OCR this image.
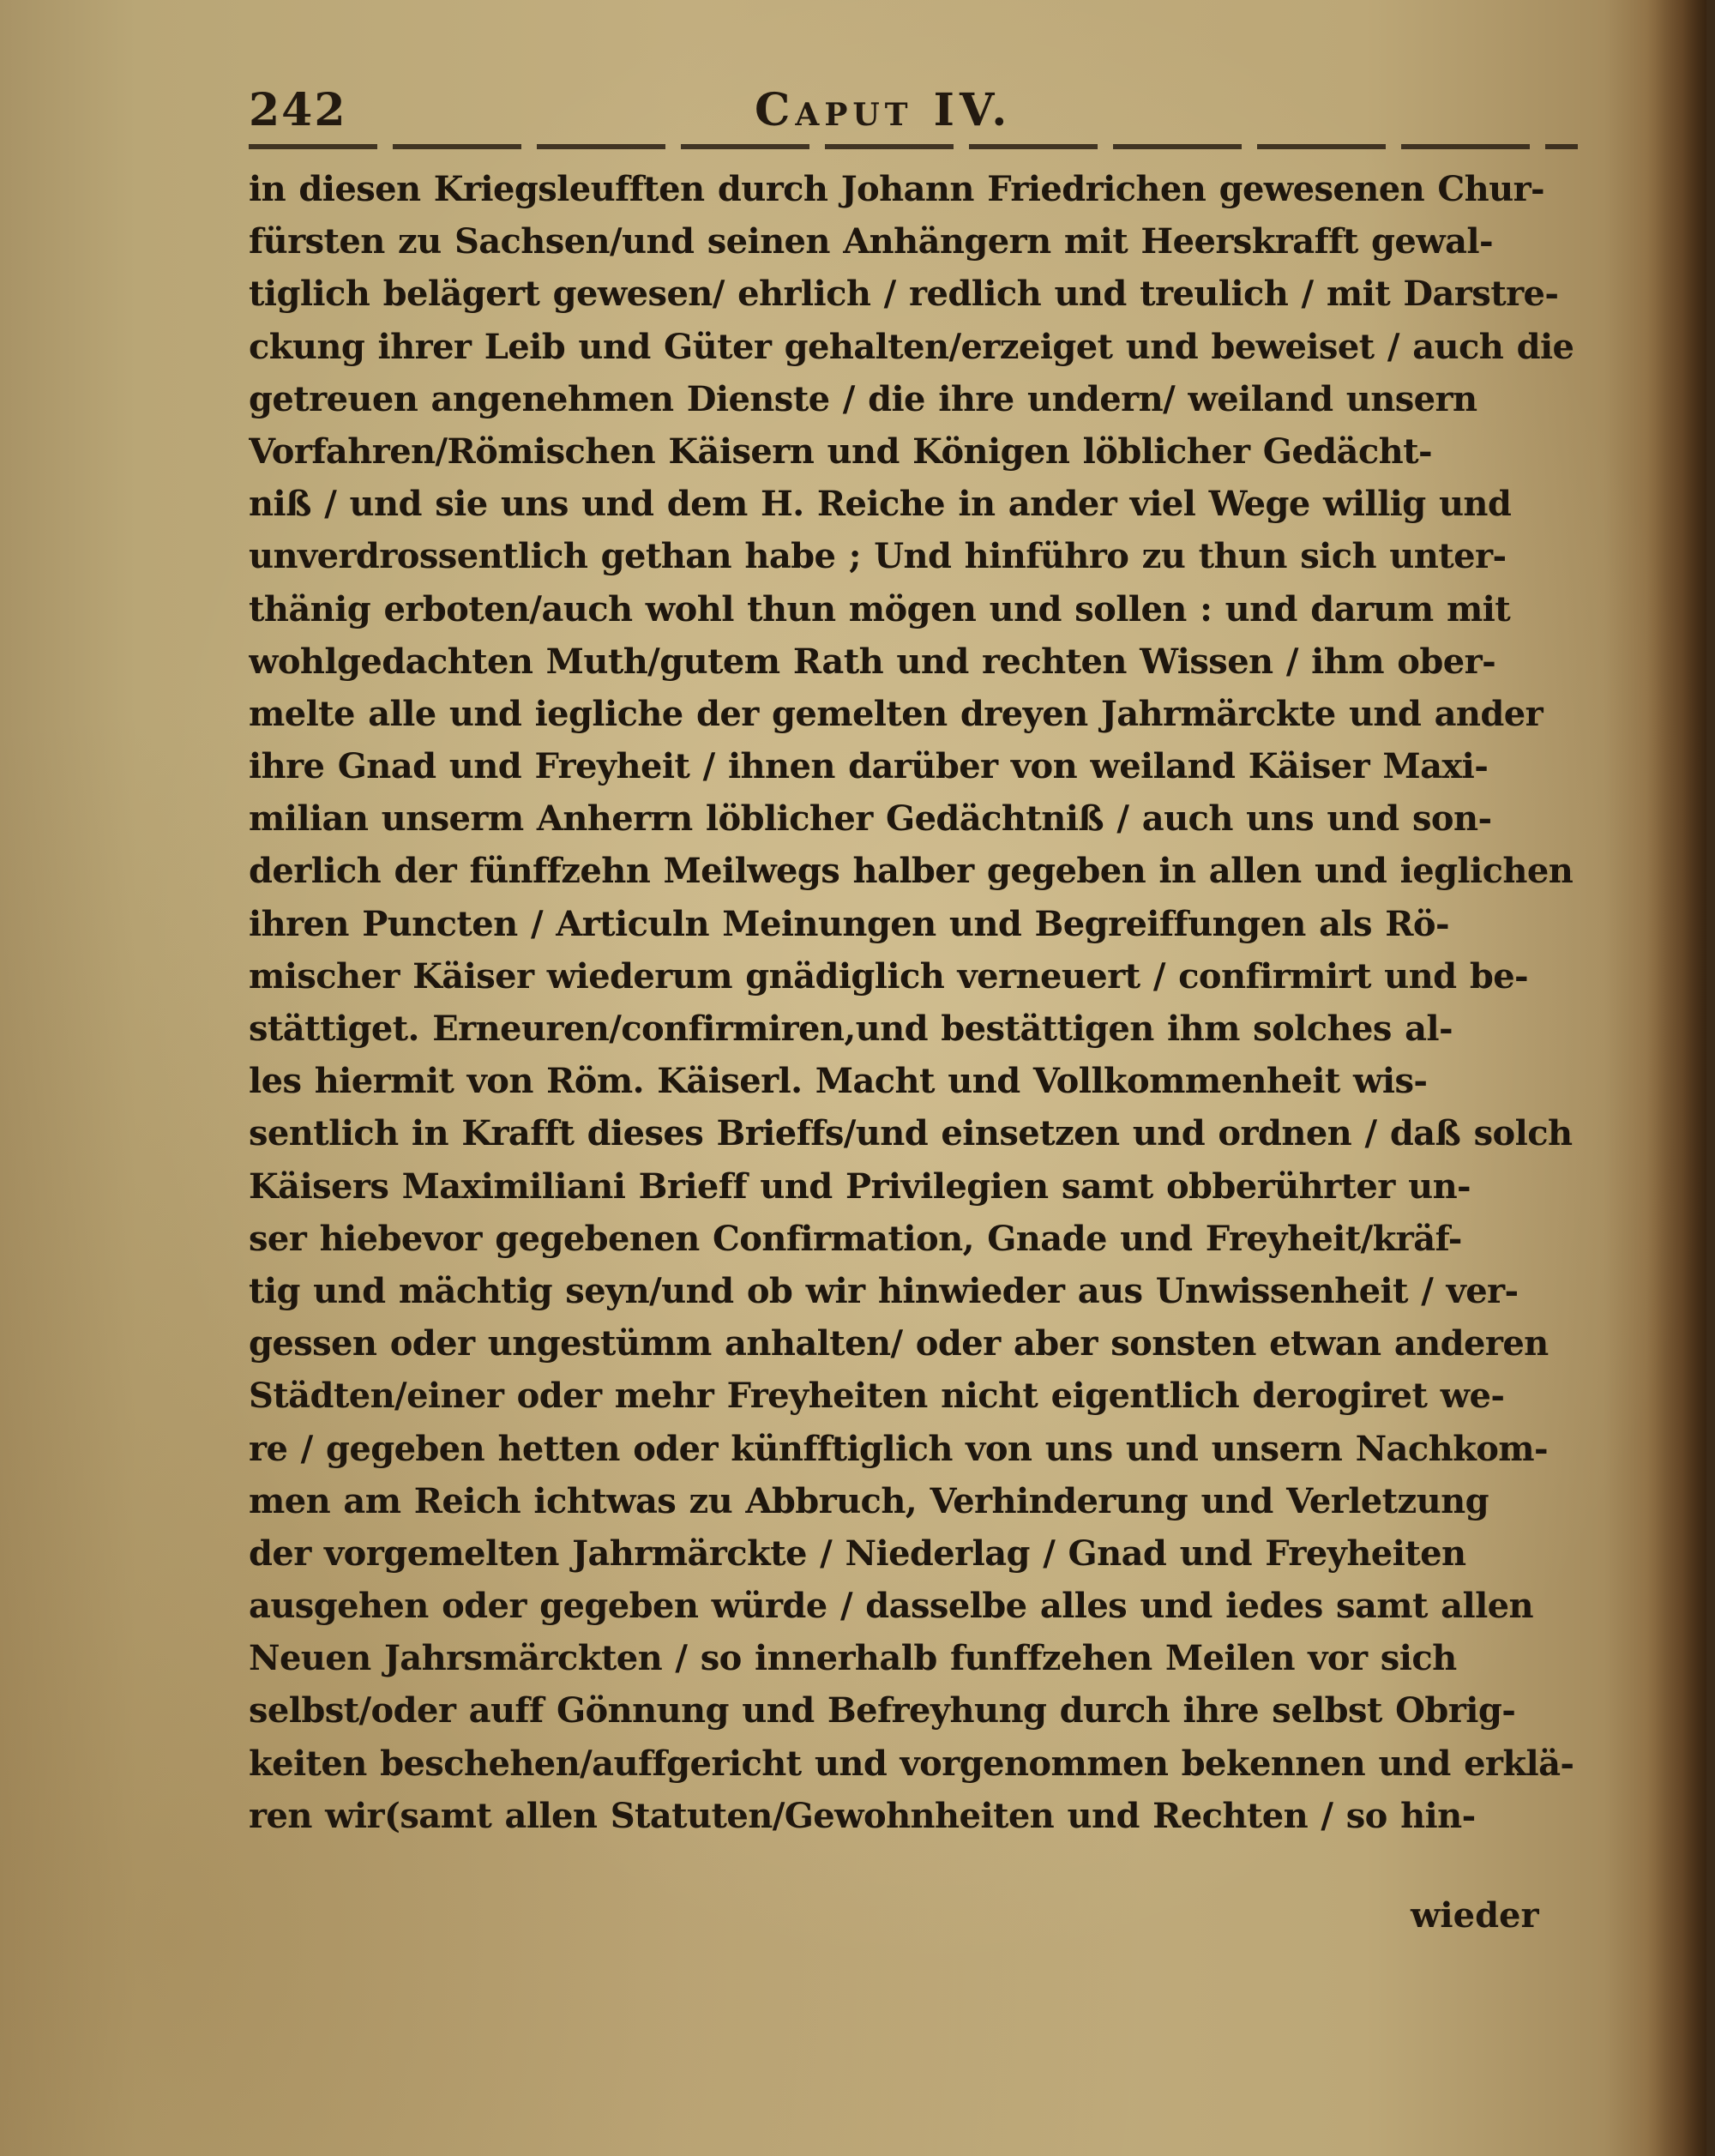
242	Caput IV.
in diesen Kriegsleufften durch Johann Friedrichen gewesenen Chur-
fürsten zu Sachsen/und seinen Anhängern mit Heerskrafft gewal-
tiglich belägert gewesen/ ehrlich / redlich und treulich / mit Darstre-
ckung ihrer Leib und Güter gehalten/erzeiget und beweiset / auch die
getreuen angenehmen Dienste / die ihre undern/ weiland unsern
Vorfahren/Römischen Käisern und Königen löblicher Gedächt-
niß / und sie uns und dem H. Reiche in ander viel Wege willig und
unverdrossentlich gethan habe ; Und hinführo zu thun sich unter-
thänig erboten/auch wohl thun mögen und sollen : und darum mit
wohlgedachten Muth/gutem Rath und rechten Wissen / ihm ober-
melte alle und iegliche der gemelten dreyen Jahrmärckte und ander
ihre Gnad und Freyheit / ihnen darüber von weiland Käiser Maxi-
milian unserm Anherrn löblicher Gedächtniß / auch uns und son-
derlich der fünffzehn Meilwegs halber gegeben in allen und ieglichen
ihren Puncten / Articuln Meinungen und Begreiffungen als Rö-
mischer Käiser wiederum gnädiglich verneuert / confirmirt und be-
stättiget. Erneuren/confirmiren,und bestättigen ihm solches al-
les hiermit von Röm. Käiserl. Macht und Vollkommenheit wis-
sentlich in Krafft dieses Brieffs/und einsetzen und ordnen / daß solch
Käisers Maximiliani Brieff und Privilegien samt obberührter un-
ser hiebevor gegebenen Confirmation, Gnade und Freyheit/kräf-
tig und mächtig seyn/und ob wir hinwieder aus Unwissenheit / ver-
gessen oder ungestümm anhalten/ oder aber sonsten etwan anderen
Städten/einer oder mehr Freyheiten nicht eigentlich derogiret we-
re / gegeben hetten oder künfftiglich von uns und unsern Nachkom-
men am Reich ichtwas zu Abbruch, Verhinderung und Verletzung
der vorgemelten Jahrmärckte / Niederlag / Gnad und Freyheiten
ausgehen oder gegeben würde / dasselbe alles und iedes samt allen
Neuen Jahrsmärckten / so innerhalb funffzehen Meilen vor sich
selbst/oder auff Gönnung und Befreyhung durch ihre selbst Obrig-
keiten beschehen/auffgericht und vorgenommen bekennen und erklä-
ren wir(samt allen Statuten/Gewohnheiten und Rechten / so hin-
wieder
